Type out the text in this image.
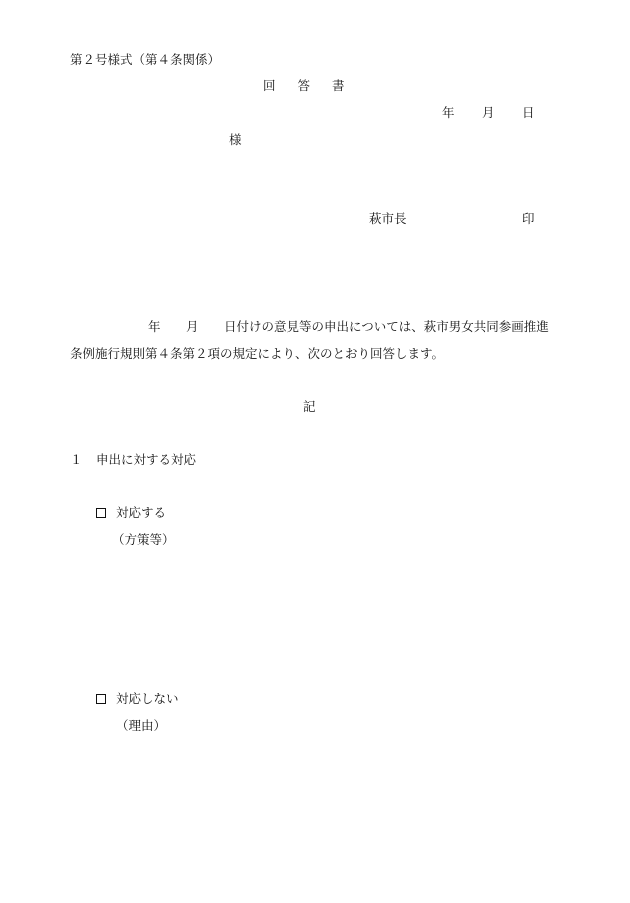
第２号様式（第４条関係）
回答書
年 月 日
様
萩市長	印
年 月 日付けの意見等の申出については、萩市男女共同参画推進
条例施行規則第４条第２項の規定により、次のとおり回答します。
記
１ 申出に対する対応
対応する
（方策等）
対応しない
（理由）
